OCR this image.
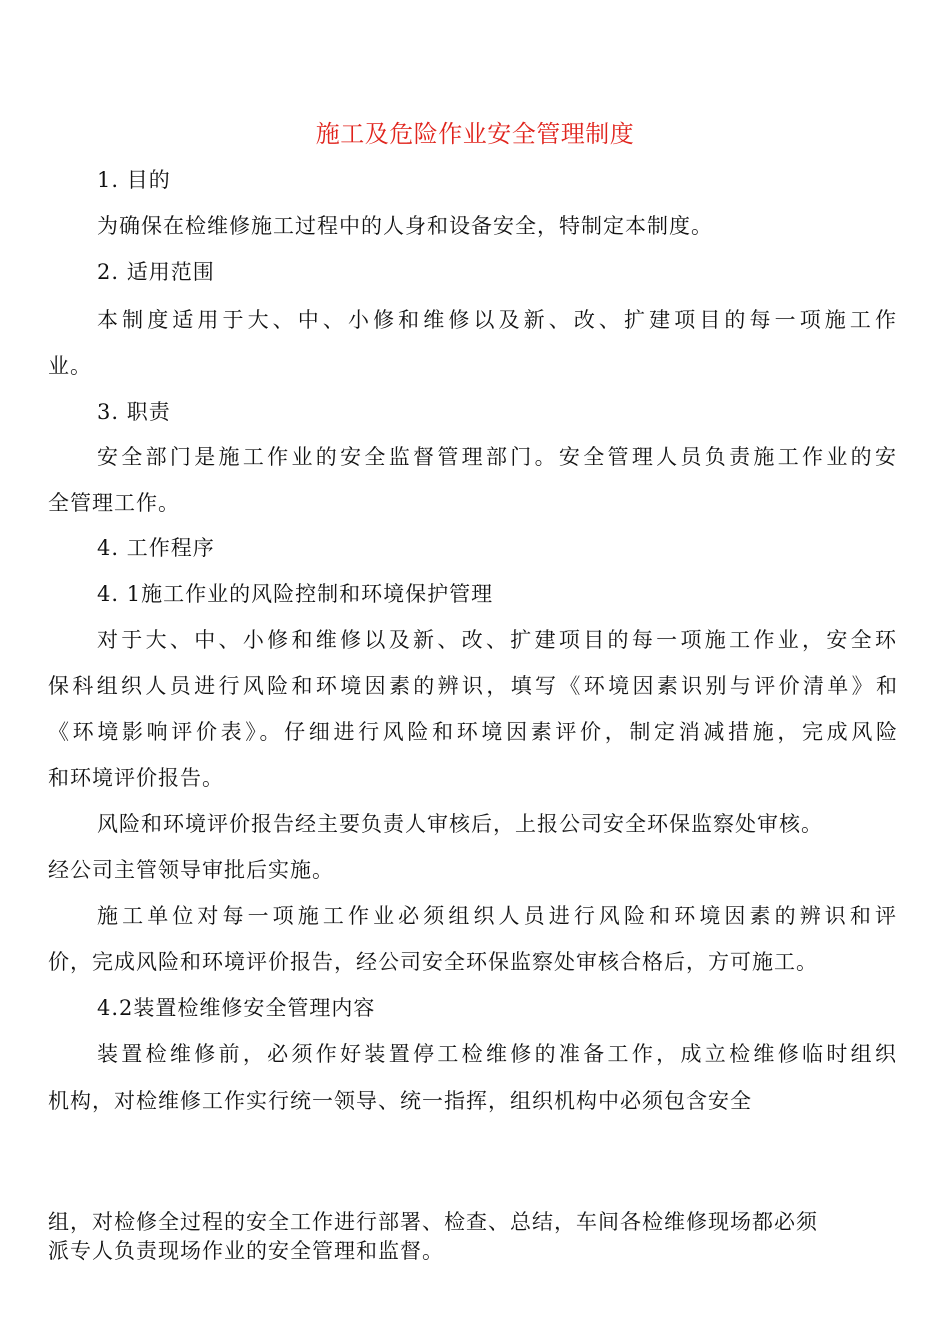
施工及危险作业安全管理制度
1. 目的
为确保在检维修施工过程中的人身和设备安全，特制定本制度。
2. 适用范围
本制度适用于大、中、小修和维修以及新、改、扩建项目的每一项施工作
业。
3. 职责
安全部门是施工作业的安全监督管理部门。安全管理人员负责施工作业的安
全管理工作。
4. 工作程序
4. 1施工作业的风险控制和环境保护管理
对于大、中、小修和维修以及新、改、扩建项目的每一项施工作业，安全环
保科组织人员进行风险和环境因素的辨识，填写《环境因素识别与评价清单》和
《环境影响评价表》。仔细进行风险和环境因素评价，制定消减措施，完成风险
和环境评价报告。
风险和环境评价报告经主要负责人审核后，上报公司安全环保监察处审核。
经公司主管领导审批后实施。
施工单位对每一项施工作业必须组织人员进行风险和环境因素的辨识和评
价，完成风险和环境评价报告，经公司安全环保监察处审核合格后，方可施工。
4.2装置检维修安全管理内容
装置检维修前，必须作好装置停工检维修的准备工作，成立检维修临时组织
机构，对检维修工作实行统一领导、统一指挥，组织机构中必须包含安全
组，对检修全过程的安全工作进行部署、检查、总结，车间各检维修现场都必须
派专人负责现场作业的安全管理和监督。
